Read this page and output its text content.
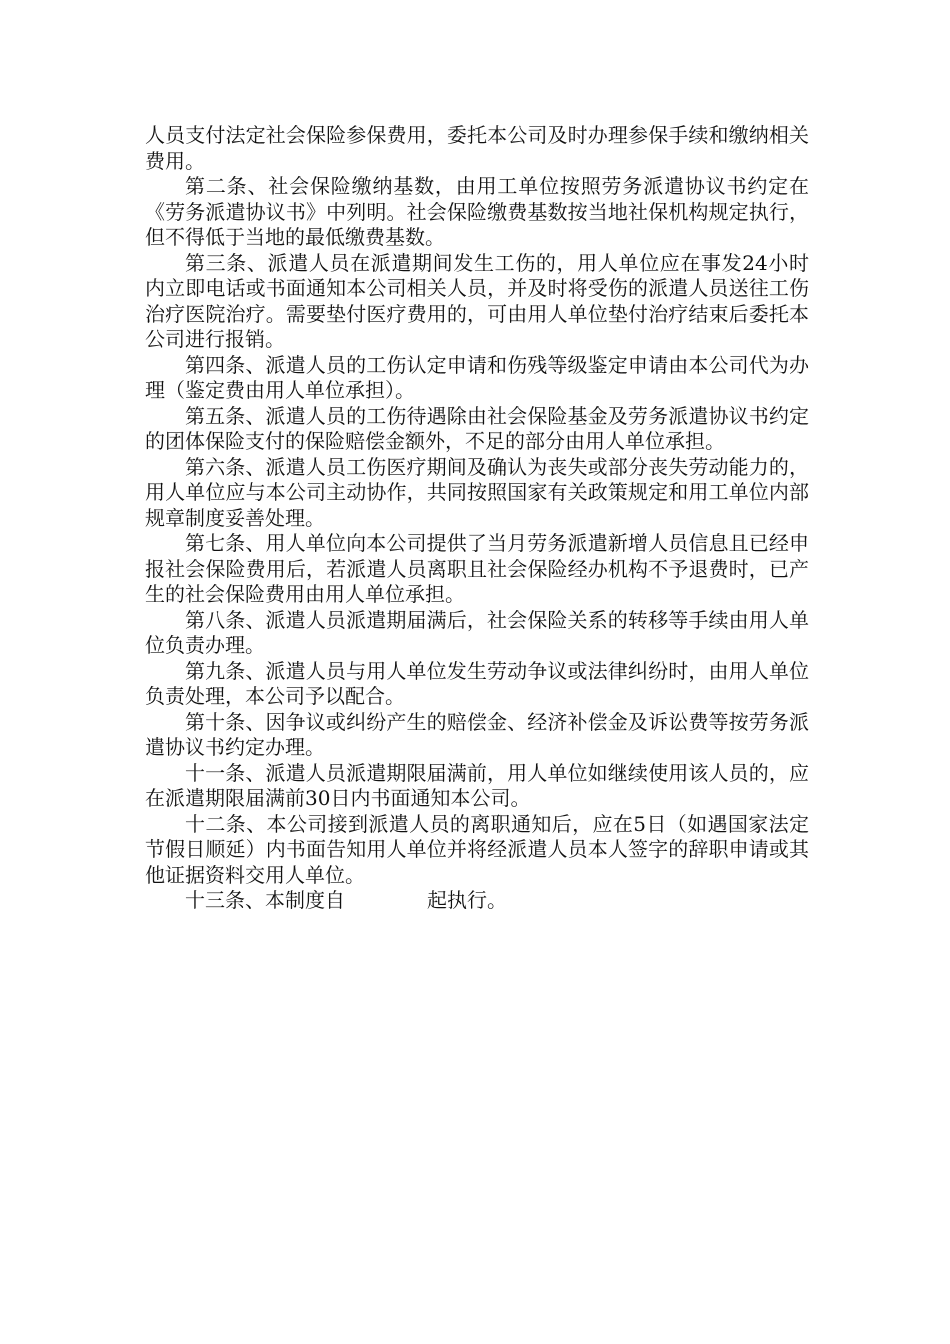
人员支付法定社会保险参保费用，委托本公司及时办理参保手续和缴纳相关费用。

第二条、社会保险缴纳基数，由用工单位按照劳务派遣协议书约定在《劳务派遣协议书》中列明。社会保险缴费基数按当地社保机构规定执行，但不得低于当地的最低缴费基数。

第三条、派遣人员在派遣期间发生工伤的，用人单位应在事发24小时内立即电话或书面通知本公司相关人员，并及时将受伤的派遣人员送往工伤治疗医院治疗。需要垫付医疗费用的，可由用人单位垫付治疗结束后委托本公司进行报销。

第四条、派遣人员的工伤认定申请和伤残等级鉴定申请由本公司代为办理（鉴定费由用人单位承担）。

第五条、派遣人员的工伤待遇除由社会保险基金及劳务派遣协议书约定的团体保险支付的保险赔偿金额外，不足的部分由用人单位承担。

第六条、派遣人员工伤医疗期间及确认为丧失或部分丧失劳动能力的，用人单位应与本公司主动协作，共同按照国家有关政策规定和用工单位内部规章制度妥善处理。

第七条、用人单位向本公司提供了当月劳务派遣新增人员信息且已经申报社会保险费用后，若派遣人员离职且社会保险经办机构不予退费时，已产生的社会保险费用由用人单位承担。

第八条、派遣人员派遣期届满后，社会保险关系的转移等手续由用人单位负责办理。

第九条、派遣人员与用人单位发生劳动争议或法律纠纷时，由用人单位负责处理，本公司予以配合。

第十条、因争议或纠纷产生的赔偿金、经济补偿金及诉讼费等按劳务派遣协议书约定办理。

十一条、派遣人员派遣期限届满前，用人单位如继续使用该人员的，应在派遣期限届满前30日内书面通知本公司。

十二条、本公司接到派遣人员的离职通知后，应在5日（如遇国家法定节假日顺延）内书面告知用人单位并将经派遣人员本人签字的辞职申请或其他证据资料交用人单位。

十三条、本制度自	起执行。
